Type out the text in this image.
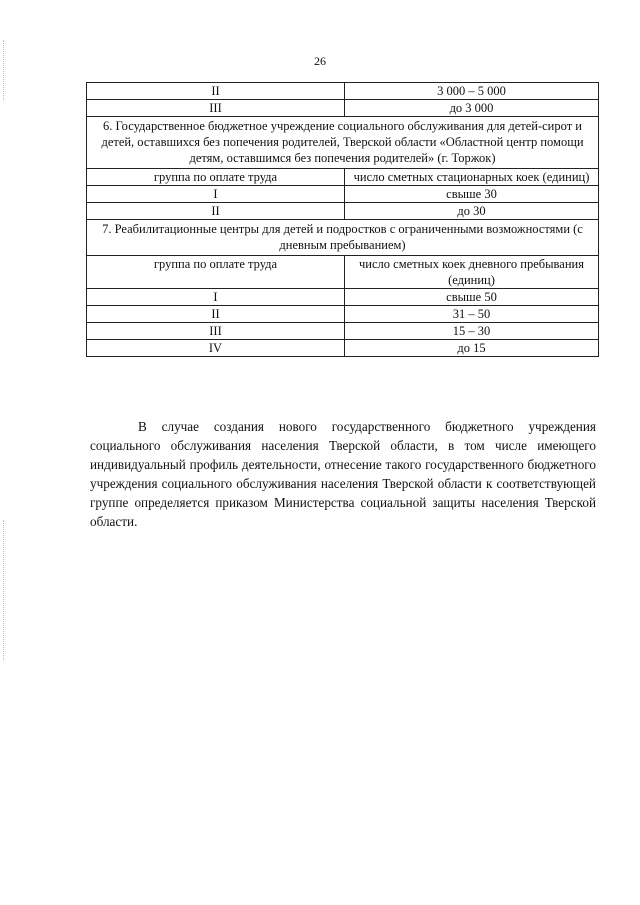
26
II	3 000 – 5 000
III	до 3 000
6. Государственное бюджетное учреждение социального обслуживания для детей-сирот и детей, оставшихся без попечения родителей, Тверской области «Областной центр помощи детям, оставшимся без попечения родителей» (г. Торжок)	
группа по оплате труда	число сметных стационарных коек (единиц)
I	свыше 30
II	до 30
7. Реабилитационные центры для детей и подростков с ограниченными возможностями (с дневным пребыванием)	
группа по оплате труда	число сметных коек дневного пребывания (единиц)
I	свыше 50
II	31 – 50
III	15 – 30
IV	до 15

В случае создания нового государственного бюджетного учреждения социального обслуживания населения Тверской области, в том числе имеющего индивидуальный профиль деятельности, отнесение такого государственного бюджетного учреждения социального обслуживания населения Тверской области к соответствующей группе определяется приказом Министерства социальной защиты населения Тверской области.
